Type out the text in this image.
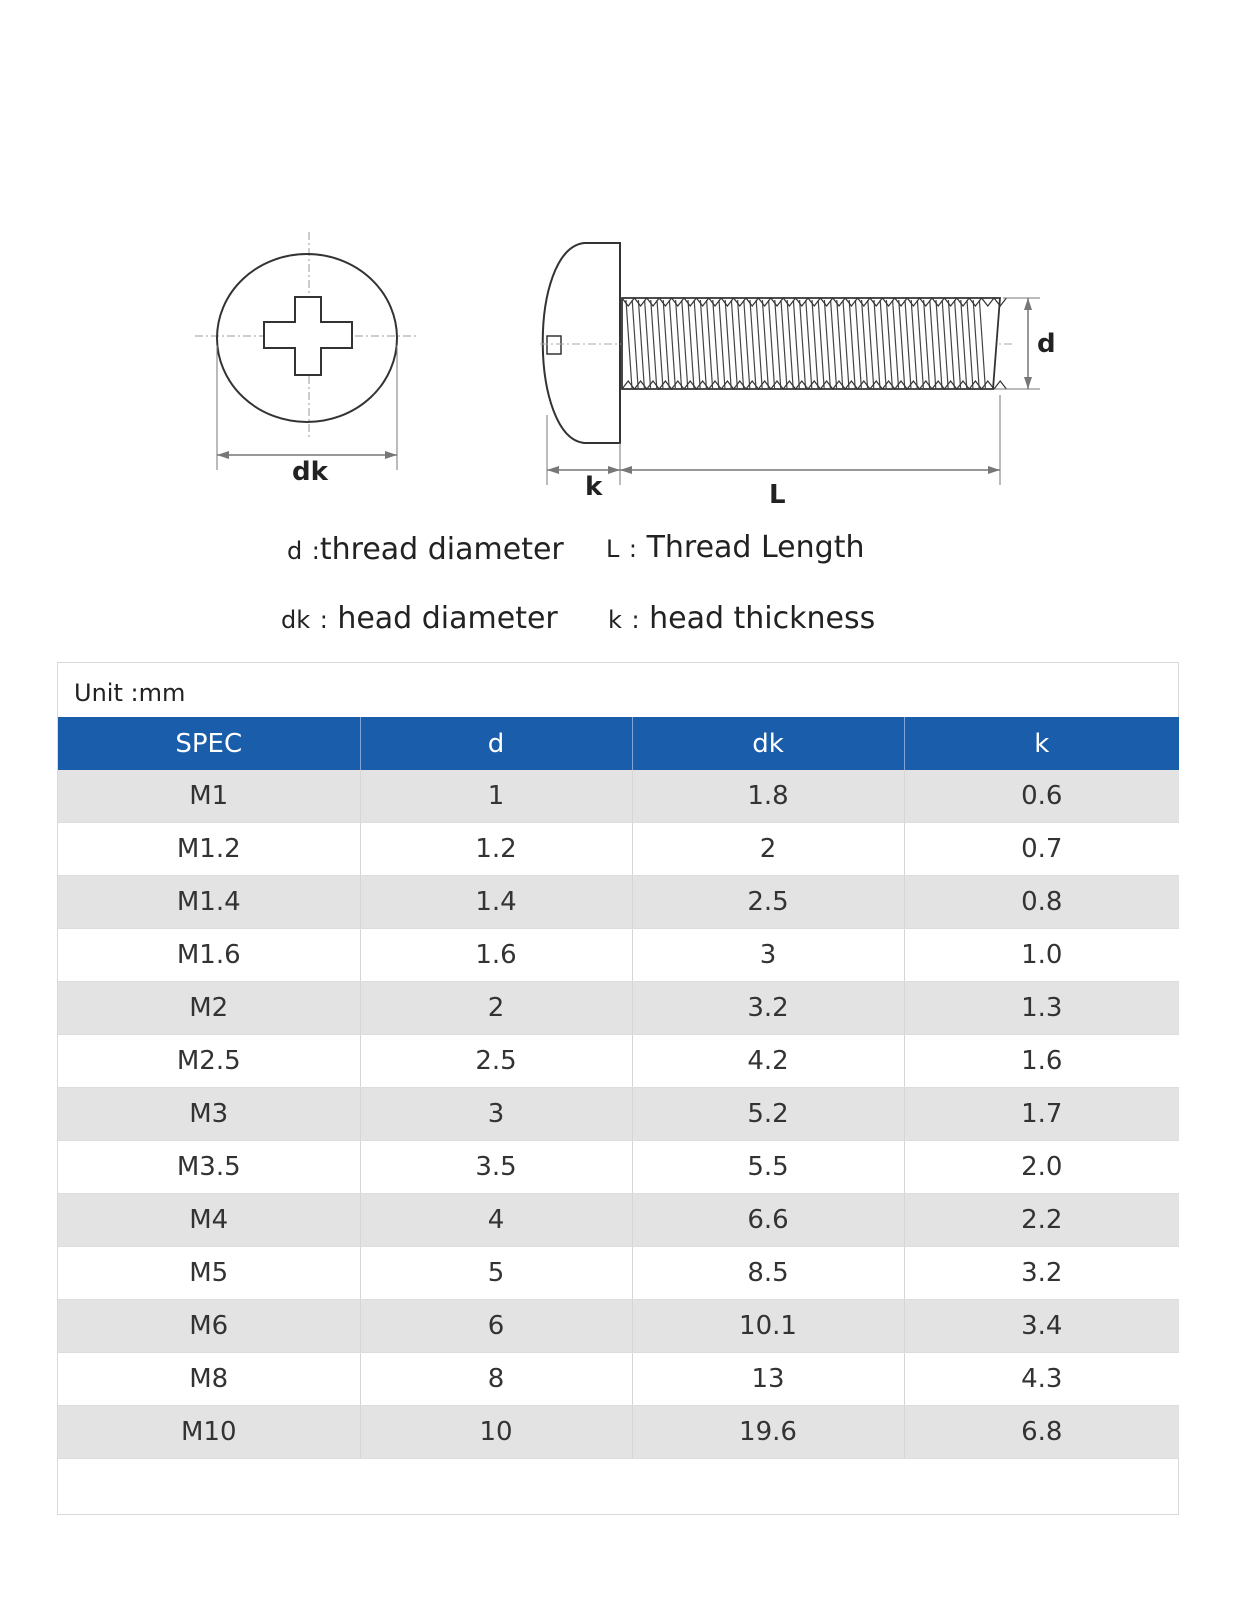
dk
d
k	L
d :thread diameter L : Thread Length
dk : head diameter k : head thickness
Unit :mm
SPEC	d	dk	k
M1	1	1.8	0.6
M1.2	1.2	2	0.7
M1.4	1.4	2.5	0.8
M1.6	1.6	3	1.0
M2	2	3.2	1.3
M2.5	2.5	4.2	1.6
M3	3	5.2	1.7
M3.5	3.5	5.5	2.0
M4	4	6.6	2.2
M5	5	8.5	3.2
M6	6	10.1	3.4
M8	8	13	4.3
M10	10	19.6	6.8
